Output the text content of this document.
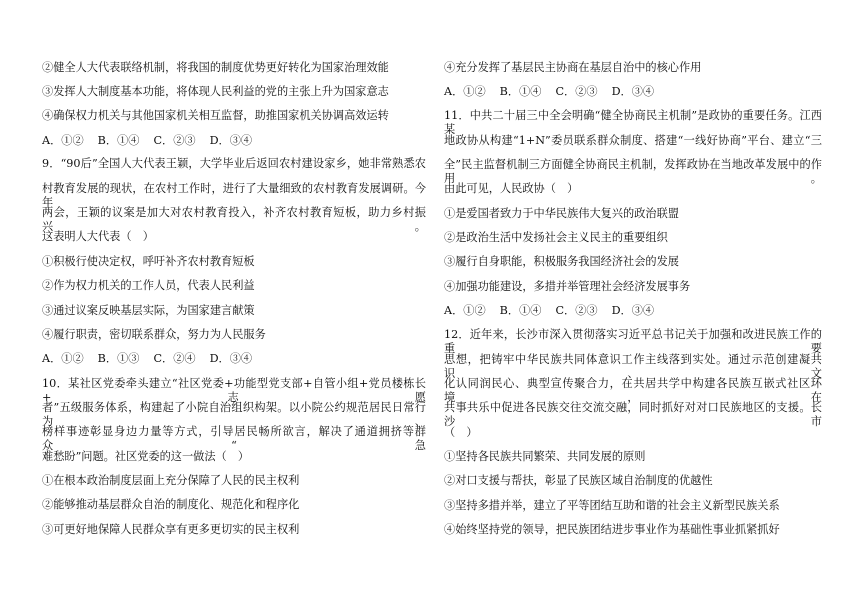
②健全人大代表联络机制，将我国的制度优势更好转化为国家治理效能
③发挥人大制度基本功能，将体现人民利益的党的主张上升为国家意志
④确保权力机关与其他国家机关相互监督，助推国家机关协调高效运转
A．①② B．①④ C．②③ D．③④
9．“90后”全国人大代表王颖，大学毕业后返回农村建设家乡，她非常熟悉农
村教育发展的现状，在农村工作时，进行了大量细致的农村教育发展调研。今年
两会，王颖的议案是加大对农村教育投入，补齐农村教育短板，助力乡村振兴。
这表明人大代表（　）
①积极行使决定权，呼吁补齐农村教育短板
②作为权力机关的工作人员，代表人民利益
③通过议案反映基层实际，为国家建言献策
④履行职责，密切联系群众，努力为人民服务
A．①② B．①③ C．②④ D．③④
10．某社区党委牵头建立“社区党委+功能型党支部+自管小组+党员楼栋长+志愿
者”五级服务体系，构建起了小院自治组织构架。以小院公约规范居民日常行为、
榜样事迹彰显身边力量等方式，引导居民畅所欲言，解决了通道拥挤等群众“急
难愁盼”问题。社区党委的这一做法（　）
①在根本政治制度层面上充分保障了人民的民主权利
②能够推动基层群众自治的制度化、规范化和程序化
③可更好地保障人民群众享有更多更切实的民主权利
④充分发挥了基层民主协商在基层自治中的核心作用
A．①② B．①④ C．②③ D．③④
11．中共二十届三中全会明确“健全协商民主机制”是政协的重要任务。江西某
地政协从构建“1+N”委员联系群众制度、搭建“一线好协商”平台、建立“三
全”民主监督机制三方面健全协商民主机制，发挥政协在当地改革发展中的作用。
由此可见，人民政协（　）
①是爱国者致力于中华民族伟大复兴的政治联盟
②是政治生活中发扬社会主义民主的重要组织
③履行自身职能，积极服务我国经济社会的发展
④加强功能建设，多措并举管理社会经济发展事务
A．①② B．①④ C．②③ D．③④
12．近年来，长沙市深入贯彻落实习近平总书记关于加强和改进民族工作的重要
思想，把铸牢中华民族共同体意识工作主线落到实处。通过示范创建凝共识、文
化认同润民心、典型宣传聚合力，在共居共学中构建各民族互嵌式社区环境，在
共事共乐中促进各民族交往交流交融，同时抓好对对口民族地区的支援。长沙市
（　）
①坚持各民族共同繁荣、共同发展的原则
②对口支援与帮扶，彰显了民族区域自治制度的优越性
③坚持多措并举，建立了平等团结互助和谐的社会主义新型民族关系
④始终坚持党的领导，把民族团结进步事业作为基础性事业抓紧抓好
